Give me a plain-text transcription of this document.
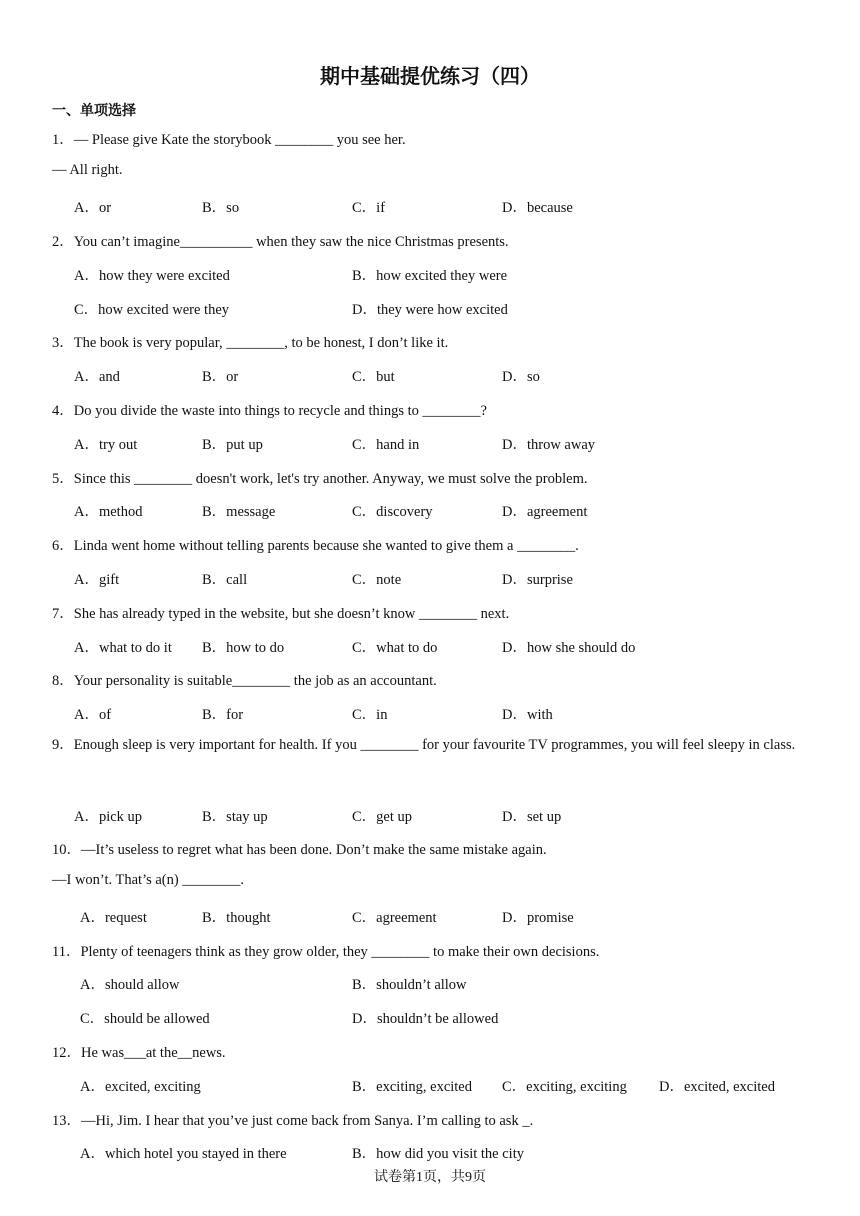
期中基础提优练习（四）
一、单项选择
1．— Please give Kate the storybook ________ you see her.
— All right.
A．or	B．so	C．if	D．because
2．You can’t imagine__________ when they saw the nice Christmas presents.
A．how they were excited	B．how excited they were
C．how excited were they	D．they were how excited
3．The book is very popular, ________, to be honest, I don’t like it.
A．and	B．or	C．but	D．so
4．Do you divide the waste into things to recycle and things to ________?
A．try out	B．put up	C．hand in	D．throw away
5．Since this ________ doesn't work, let's try another. Anyway, we must solve the problem.
A．method	B．message	C．discovery	D．agreement
6．Linda went home without telling parents because she wanted to give them a ________.
A．gift	B．call	C．note	D．surprise
7．She has already typed in the website, but she doesn’t know ________ next.
A．what to do it B．how to do	C．what to do	D．how she should do
8．Your personality is suitable________ the job as an accountant.
A．of	B．for	C．in	D．with
9．Enough sleep is very important for health. If you ________ for your favourite TV programmes, you will feel sleepy in class.
A．pick up	B．stay up	C．get up	D．set up
10．—It’s useless to regret what has been done. Don’t make the same mistake again.
—I won’t. That’s a(n) ________.
A．request	B．thought	C．agreement	D．promise
11．Plenty of teenagers think as they grow older, they ________ to make their own decisions.
A．should allow	B．shouldn’t allow
C．should be allowed	D．shouldn’t be allowed
12．He was___at the__news.
A．excited, exciting	B．exciting, excited C．exciting, exciting D．excited, excited
13．—Hi, Jim. I hear that you’ve just come back from Sanya. I’m calling to ask _.
A．which hotel you stayed in there	B．how did you visit the city
试卷第1页，共9页
